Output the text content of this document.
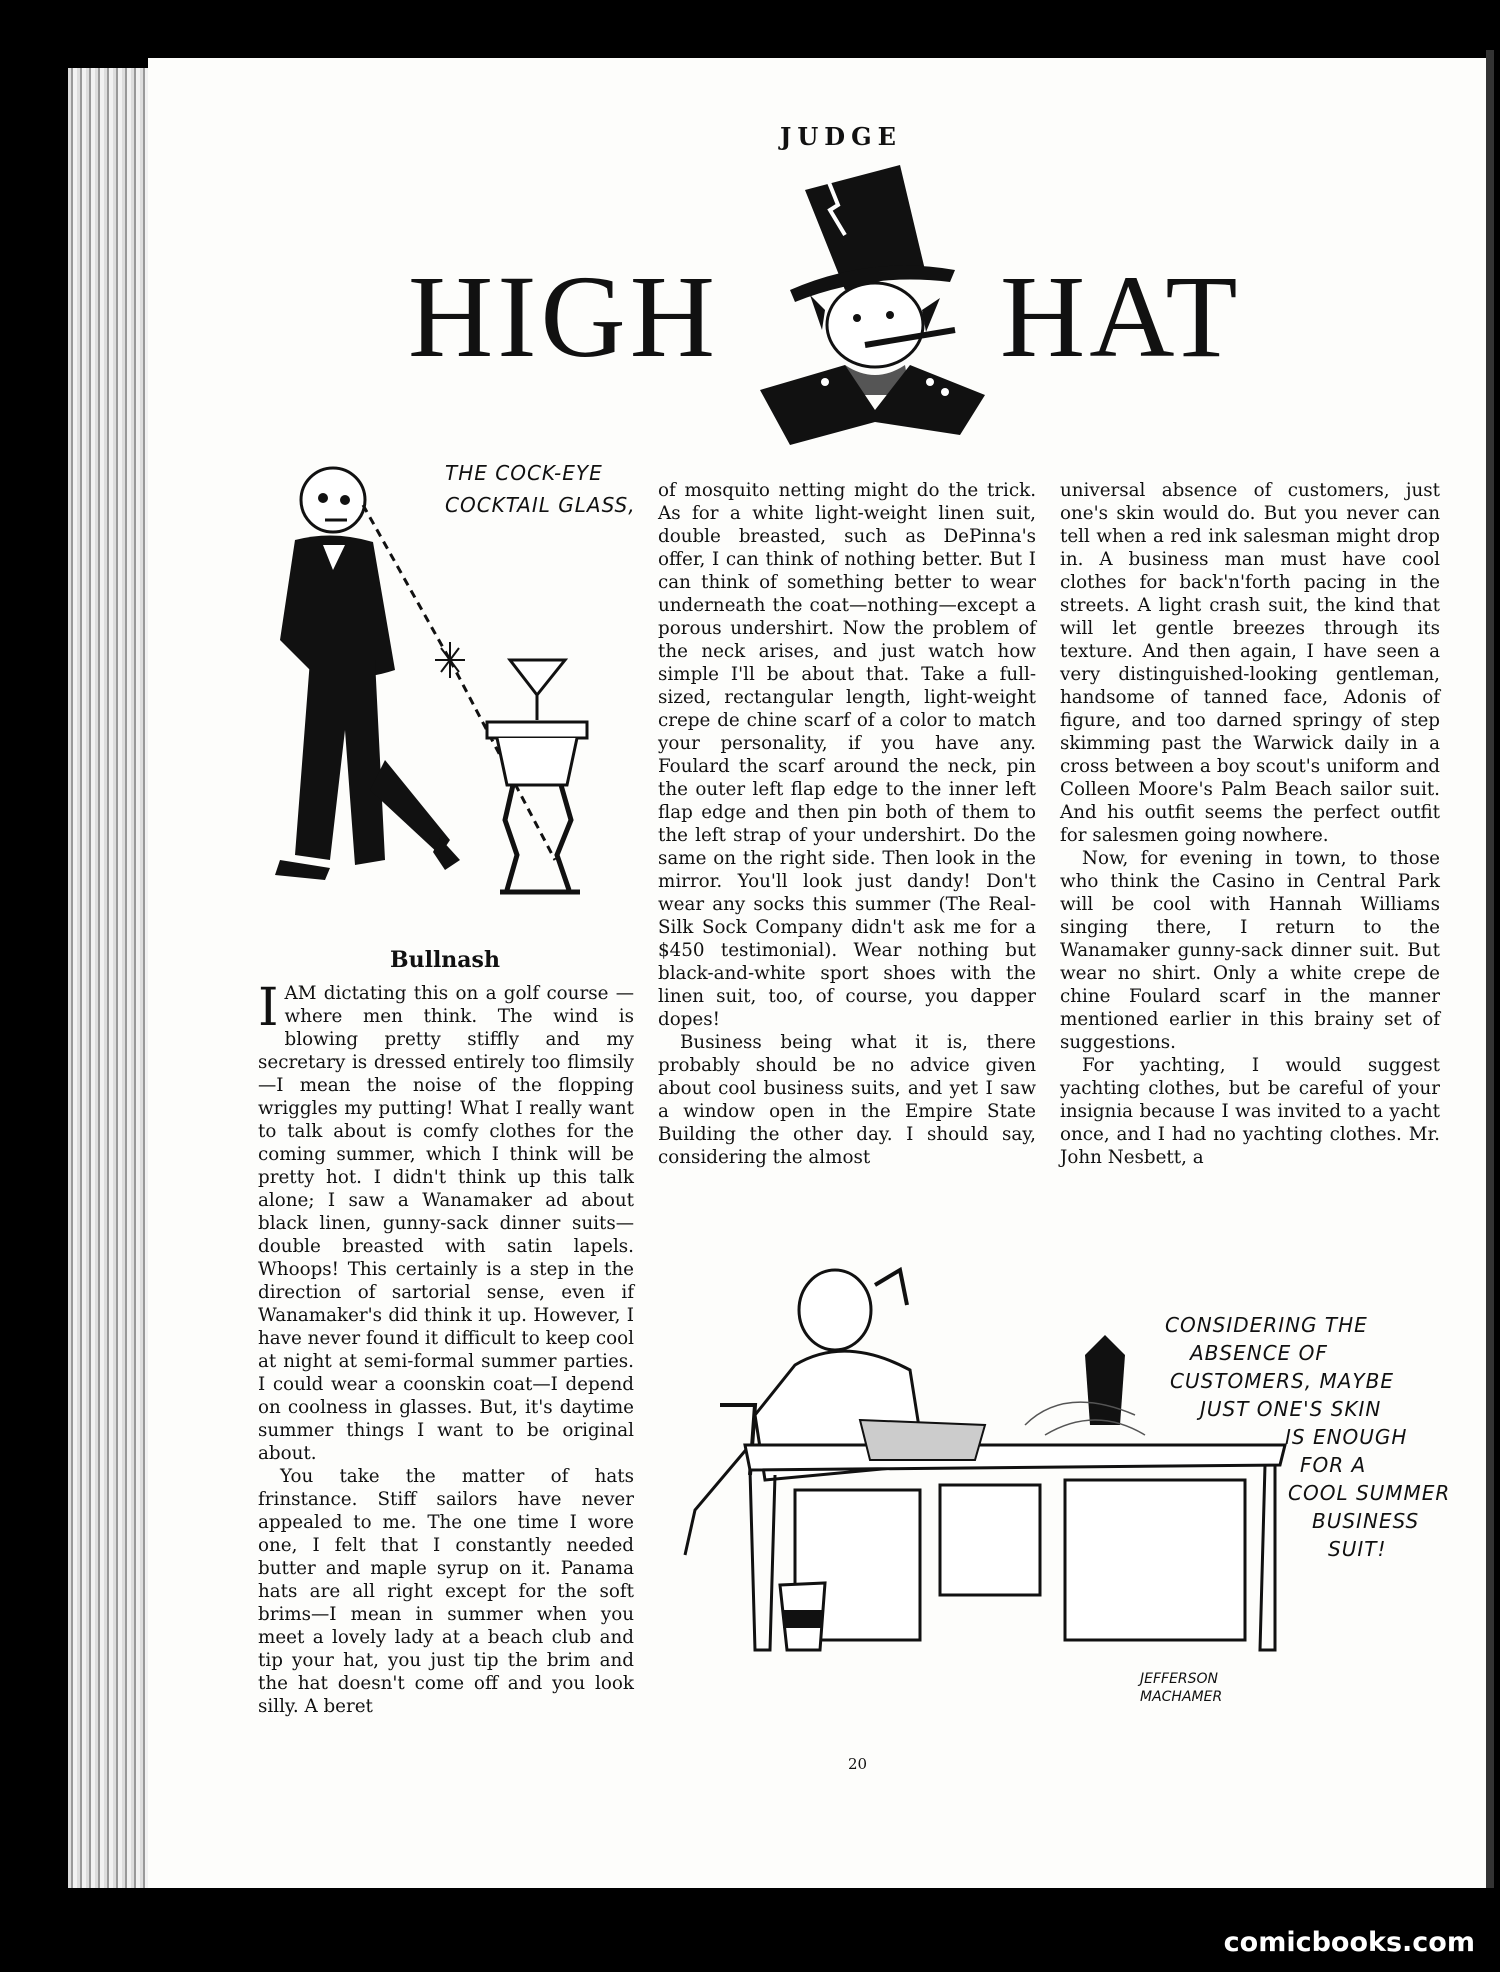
JUDGE
HIGH HAT
THE COCK-EYE
COCKTAIL GLASS,
Bullnash

IAM dictating this on a golf course —where men think. The wind is blowing pretty stiffly and my secretary is dressed entirely too flimsily—I mean the noise of the flopping wriggles my putting! What I really want to talk about is comfy clothes for the coming summer, which I think will be pretty hot. I didn't think up this talk alone; I saw a Wanamaker ad about black linen, gunny-sack dinner suits—double breasted with satin lapels. Whoops! This certainly is a step in the direction of sartorial sense, even if Wanamaker's did think it up. However, I have never found it difficult to keep cool at night at semi-formal summer parties. I could wear a coonskin coat—I depend on coolness in glasses. But, it's daytime summer things I want to be original about.

You take the matter of hats frinstance. Stiff sailors have never appealed to me. The one time I wore one, I felt that I constantly needed butter and maple syrup on it. Panama hats are all right except for the soft brims—I mean in summer when you meet a lovely lady at a beach club and tip your hat, you just tip the brim and the hat doesn't come off and you look silly. A beret

of mosquito netting might do the trick. As for a white light-weight linen suit, double breasted, such as DePinna's offer, I can think of nothing better. But I can think of something better to wear underneath the coat—nothing—except a porous undershirt. Now the problem of the neck arises, and just watch how simple I'll be about that. Take a full-sized, rectangular length, light-weight crepe de chine scarf of a color to match your personality, if you have any. Foulard the scarf around the neck, pin the outer left flap edge to the inner left flap edge and then pin both of them to the left strap of your undershirt. Do the same on the right side. Then look in the mirror. You'll look just dandy! Don't wear any socks this summer (The Real-Silk Sock Company didn't ask me for a $450 testimonial). Wear nothing but black-and-white sport shoes with the linen suit, too, of course, you dapper dopes!

Business being what it is, there probably should be no advice given about cool business suits, and yet I saw a window open in the Empire State Building the other day. I should say, considering the almost

universal absence of customers, just one's skin would do. But you never can tell when a red ink salesman might drop in. A business man must have cool clothes for back'n'forth pacing in the streets. A light crash suit, the kind that will let gentle breezes through its texture. And then again, I have seen a very distinguished-looking gentleman, handsome of tanned face, Adonis of figure, and too darned springy of step skimming past the Warwick daily in a cross between a boy scout's uniform and Colleen Moore's Palm Beach sailor suit. And his outfit seems the perfect outfit for salesmen going nowhere.

Now, for evening in town, to those who think the Casino in Central Park will be cool with Hannah Williams singing there, I return to the Wanamaker gunny-sack dinner suit. But wear no shirt. Only a white crepe de chine Foulard scarf in the manner mentioned earlier in this brainy set of suggestions.

For yachting, I would suggest yachting clothes, but be careful of your insignia because I was invited to a yacht once, and I had no yachting clothes. Mr. John Nesbett, a

CONSIDERING THE
ABSENCE OF
CUSTOMERS, MAYBE
JUST ONE'S SKIN
IS ENOUGH
FOR A
COOL SUMMER
BUSINESS
SUIT!
JEFFERSON
MACHAMER
20
comicbooks.com
